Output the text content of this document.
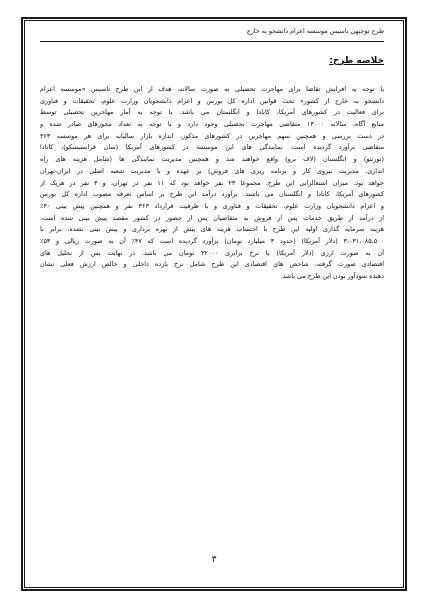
طرح توجیهی تاسیس موسسه اعزام دانشجو به خارج
خلاصه طرح:
با توجه به افزایش تقاضا برای مهاجرت تحصیلی به صورت سالانه، هدف از این طرح تاسیس «موسسه اعزام
دانشجو به خارج از کشور» تحت قوانین اداره کل بورس و اعزام دانشجویان وزارت علوم، تحقیقات و فناوری
برای فعالیت در کشورهای آمریکا، کانادا و انگلستان می باشد. با توجه به آمار مهاجرین تحصیلی توسط
منابع آگاه، سالانه ۱۳۰۰۰ متقاضی مهاجرت تحصیلی وجود دارد و با توجه به تعداد مجوزهای صادر شده و
در دست بررسی و همچنین سهم مهاجرین در کشورهای مذکور، اندازه بازار سالیانه برای هر موسسه ۳۶۳
متقاضی برآورد گردیده است. نمایندگی های این موسسه در کشورهای آمریکا (سان فرانسیسکو)، کانادا
(تورنتو) و انگلستان (لاف برو) واقع خواهند شد و همچنین مدیریت نمایندگی ها (شامل هزینه های راه
اندازی، مدیریت نیروی کار و برنامه ریزی های فروش) بر عهده و با مدیریت شعبه اصلی در ایران-تهران
خواهد بود. میزان اشتغالزایی این طرح، مجموعا ۲۳ نفر خواهد بود که ۱۱ نفر در تهران، و ۴ نفر در هریک از
کشورهای آمریکا، کانادا و انگلستان می باشند. برآورد درآمد این طرح بر اساس تعرفه مصوب اداره کل بورس
و اعزام دانشجویان وزارت علوم، تحقیقات و فناوری و با ظرفیت قرارداد ۳۶۳ نفر و همچنین پیش بینی ۴۰٪
از درآمد از طریق خدمات پس از فروش به متقاضیان پس از حضور در کشور مقصد پیش بینی شده است.
هزینه سرمایه گذاری اولیه این طرح با احتساب هزینه های پیش از بهره برداری و پیش بینی نشده، برابر با
۳،۰۳۱،۰۸۵،۵۰۰ (دلار آمریکا) (حدود ۳ میلیارد تومان) برآورد گردیده است که ۴۷٪ آن به صورت ریالی و ۵۳٪
آن به صورت ارزی (دلار آمریکا) با نرخ برابری ۳۲۰۰۰ تومان می باشد. در نهایت پس از تحلیل های
اقتصادی صورت گرفته، شاخص های اقتصادی این طرح شامل نرخ بازده داخلی و خالص ارزش فعلی نشان
دهنده سودآور بودن این طرح می باشد.
۳
